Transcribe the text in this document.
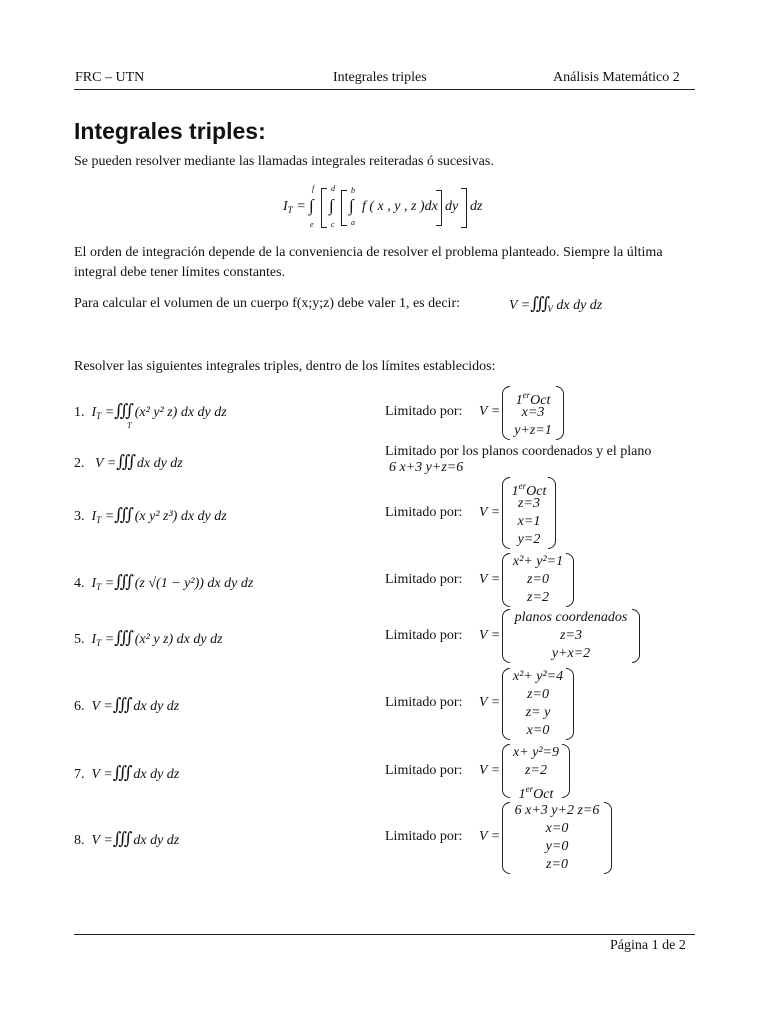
FRC – UTN	Integrales triples	Análisis Matemático 2
Integrales triples:
Se pueden resolver mediante las llamadas integrales reiteradas ó sucesivas.
$I_T$ = ∫
f
e
∫
d
c
∫
b
a
f ( x , y , z )dx dy dz
El orden de integración depende de la conveniencia de resolver el problema planteado. Siempre la última integral debe tener límites constantes.
Para calcular el volumen de un cuerpo f(x;y;z) debe valer 1, es decir:	$V =∭_V$ dx dy dz
Resolver las siguientes integrales triples, dentro de los límites establecidos:
1. $I_T$ =∭ (x² y² z) dx dy dz
T
Limitado por: V =
1erOct
x=3
y+z=1
2. V =∭ dx dy dz
Limitado por los planos coordenados y el plano
6 x+3 y+z=6
3. $I_T$ =∭ (x y² z³) dx dy dz	Limitado por: V =
1erOct
z=3
x=1
y=2
4. $I_T$ =∭ (z √(1 − y²)) dx dy dz	Limitado por: V =
x²+ y²=1
z=0
z=2
5. $I_T$ =∭ (x² y z) dx dy dz	Limitado por: V =
planos coordenados
z=3
y+x=2
6. V =∭ dx dy dz	Limitado por: V =
x²+ y²=4
z=0
z= y
x=0
7. V =∭ dx dy dz	Limitado por: V =
x+ y²=9
z=2
1erOct
8. V =∭ dx dy dz	Limitado por: V =
6 x+3 y+2 z=6
x=0
y=0
z=0
Página 1 de 2
